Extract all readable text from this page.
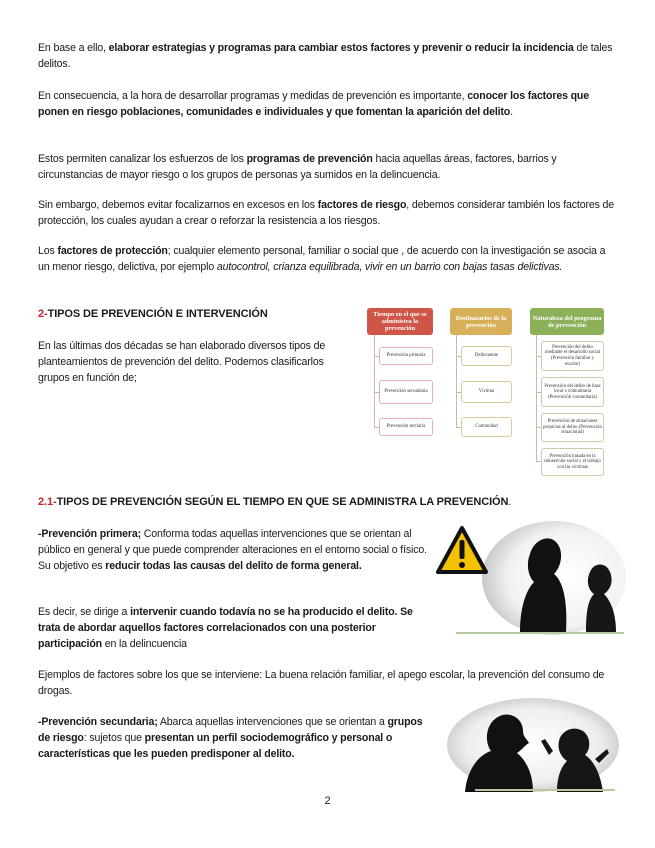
En base a ello, elaborar estrategias y programas para cambiar estos factores y prevenir o reducir la incidencia de tales delitos.

En consecuencia, a la hora de desarrollar programas y medidas de prevención es importante, conocer los factores que ponen en riesgo poblaciones, comunidades e individuales y que fomentan la aparición del delito.

Estos permiten canalizar los esfuerzos de los programas de prevención hacia aquellas áreas, factores, barrios y circunstancias de mayor riesgo o los grupos de personas ya sumidos en la delincuencia.

Sin embargo, debemos evitar focalizarnos en excesos en los factores de riesgo, debemos considerar también los factores de protección, los cuales ayudan a crear o reforzar la resistencia a los riesgos.

Los factores de protección; cualquier elemento personal, familiar o social que , de acuerdo con la investigación se asocia a un menor riesgo, delictiva, por ejemplo autocontrol, crianza equilibrada, vivir en un barrio con bajas tasas delictivas.

2-TIPOS DE PREVENCIÓN E INTERVENCIÓN

En las últimas dos décadas se han elaborado diversos tipos de planteamientos de prevención del delito. Podemos clasificarlos grupos en función de;

Tiempo en el que se administra la prevención
Destinatarios de la prevención
Naturaleza del programa de prevención
Prevención primaria
Prevención secundaria
Prevención terciaria
Delincuente
Víctima
Comunidad
Prevención del delito mediante el desarrollo social (Prevención familiar y escolar)
Prevención del delito de base local o comunitaria (Prevención comunitaria)
Prevención de situaciones propicias al delito (Prevención situacional)
Prevención basada en la reinserción social y el trabajo con las víctimas
2.1-TIPOS DE PREVENCIÓN SEGÚN EL TIEMPO EN QUE SE ADMINISTRA LA PREVENCIÓN.

-Prevención primera; Conforma todas aquellas intervenciones que se orientan al público en general y que puede comprender alteraciones en el entorno social o físico. Su objetivo es reducir todas las causas del delito de forma general.

Es decir, se dirige a intervenir cuando todavía no se ha producido el delito. Se trata de abordar aquellos factores correlacionados con una posterior participación en la delincuencia

Ejemplos de factores sobre los que se interviene: La buena relación familiar, el apego escolar, la prevención del consumo de drogas.

-Prevención secundaria; Abarca aquellas intervenciones que se orientan a grupos de riesgo: sujetos que presentan un perfil sociodemográfico y personal o características que les pueden predisponer al delito.

2
